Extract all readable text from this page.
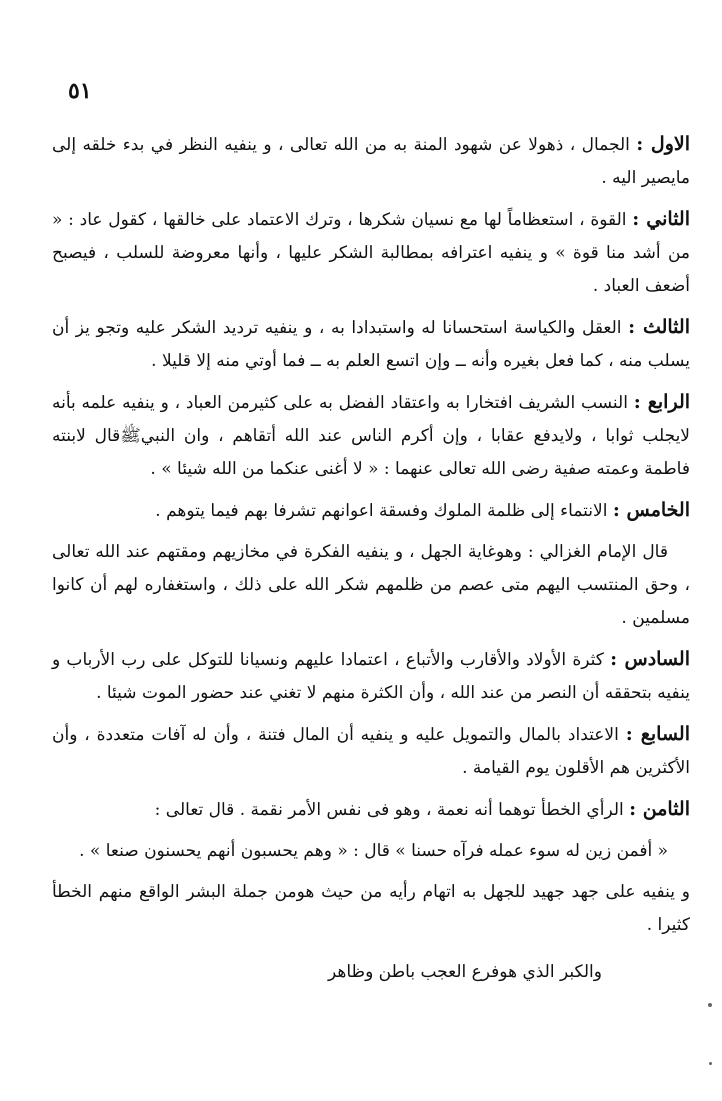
٥١

الاول : الجمال ، ذهولا عن شهود المنة به من الله تعالى ، و ينفيه النظر في بدء خلقه إلى مايصير اليه .

الثاني : القوة ، استعظاماً لها مع نسيان شكرها ، وترك الاعتماد على خالقها ، كقول عاد : « من أشد منا قوة » و ينفيه اعترافه بمطالبة الشكر عليها ، وأنها معروضة للسلب ، فيصبح أضعف العباد .

الثالث : العقل والكياسة استحسانا له واستبدادا به ، و ينفيه ترديد الشكر عليه وتجو يز أن يسلب منه ، كما فعل بغيره وأنه ــ وإن اتسع العلم به ــ فما أوتي منه إلا قليلا .

الرابع : النسب الشريف افتخارا به واعتقاد الفضل به على كثيرمن العباد ، و ينفيه علمه بأنه لايجلب ثوابا ، ولايدفع عقابا ، وإن أكرم الناس عند الله أتقاهم ، وان النبيﷺقال لابنته فاطمة وعمته صفية رضى الله تعالى عنهما : « لا أغنى عنكما من الله شيئا » .

الخامس : الانتماء إلى ظلمة الملوك وفسقة اعوانهم تشرفا بهم فيما يتوهم .

قال الإمام الغزالي : وهوغاية الجهل ، و ينفيه الفكرة في مخازيهم ومقتهم عند الله تعالى ، وحق المنتسب اليهم متى عصم من ظلمهم شكر الله على ذلك ، واستغفاره لهم أن كانوا مسلمين .

السادس : كثرة الأولاد والأقارب والأتباع ، اعتمادا عليهم ونسيانا للتوكل على رب الأرباب و ينفيه بتحققه أن النصر من عند الله ، وأن الكثرة منهم لا تغني عند حضور الموت شيئا .

السابع : الاعتداد بالمال والتمويل عليه و ينفيه أن المال فتنة ، وأن له آفات متعددة ، وأن الأكثرين هم الأقلون يوم القيامة .

الثامن : الرأي الخطأ توهما أنه نعمة ، وهو فى نفس الأمر نقمة . قال تعالى :

« أفمن زين له سوء عمله فرآه حسنا » قال : « وهم يحسبون أنهم يحسنون صنعا » .

و ينفيه على جهد جهيد للجهل به اتهام رأيه من حيث هومن جملة البشر الواقع منهم الخطأ كثيرا .

والكبر الذي هوفرع العجب باطن وظاهر
